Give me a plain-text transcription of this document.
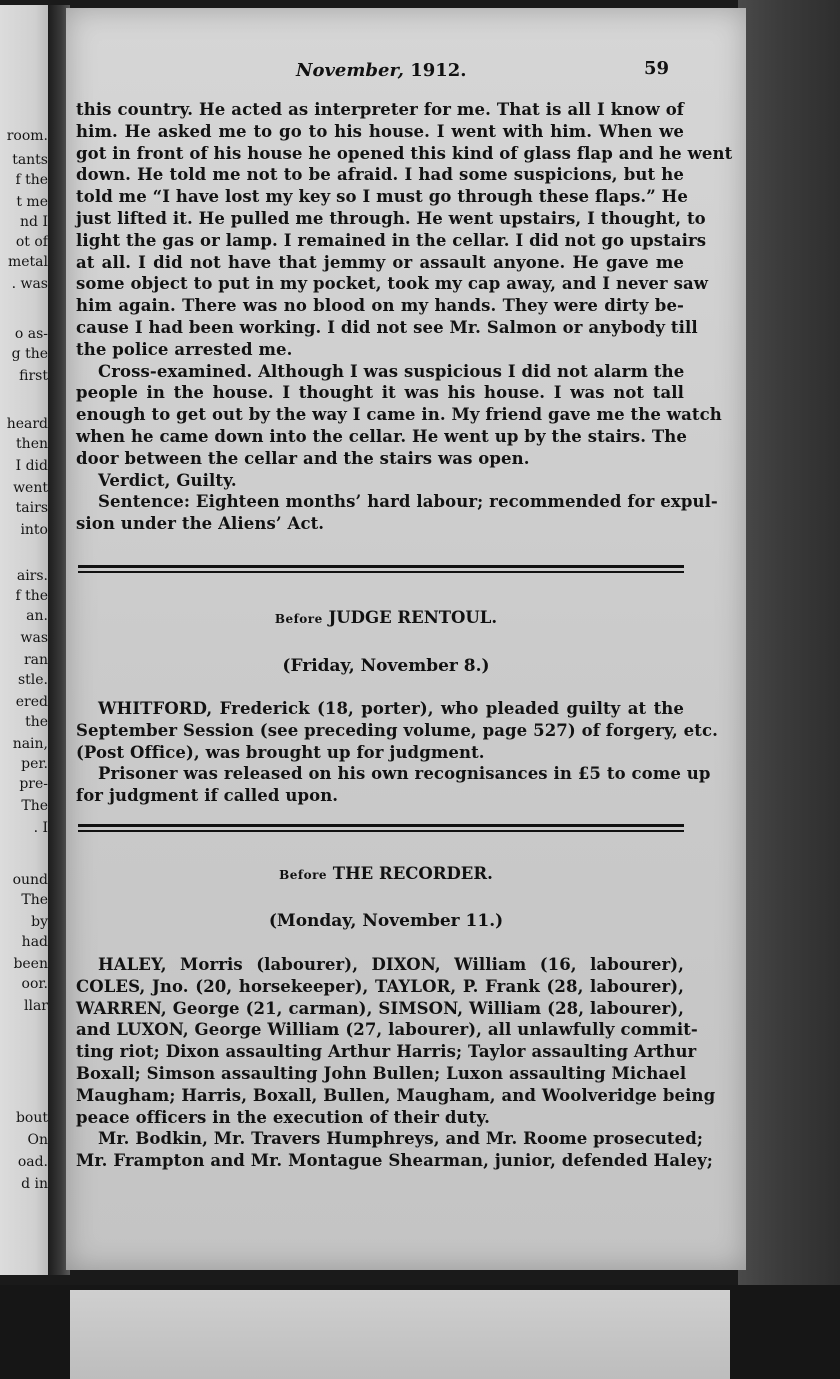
room.
tants
f the
t me
nd I
ot of
metal
. was
o as-
g the
first
heard
then
I did
went
tairs
into
airs.
f the
an.
was
ran
stle.
ered
the
nain,
per.
pre-
The
. I
ound
The
by
had
been
oor.
llar
bout
On
oad.
d in
November, 1912.	59
this country. He acted as interpreter for me. That is all I know of
him. He asked me to go to his house. I went with him. When we
got in front of his house he opened this kind of glass flap and he went
down. He told me not to be afraid. I had some suspicions, but he
told me “I have lost my key so I must go through these flaps.” He
just lifted it. He pulled me through. He went upstairs, I thought, to
light the gas or lamp. I remained in the cellar. I did not go upstairs
at all. I did not have that jemmy or assault anyone. He gave me
some object to put in my pocket, took my cap away, and I never saw
him again. There was no blood on my hands. They were dirty be-
cause I had been working. I did not see Mr. Salmon or anybody till
the police arrested me.
Cross-examined. Although I was suspicious I did not alarm the
people in the house. I thought it was his house. I was not tall
enough to get out by the way I came in. My friend gave me the watch
when he came down into the cellar. He went up by the stairs. The
door between the cellar and the stairs was open.
Verdict, Guilty.
Sentence: Eighteen months’ hard labour; recommended for expul-
sion under the Aliens’ Act.
Before JUDGE RENTOUL.
(Friday, November 8.)
WHITFORD, Frederick (18, porter), who pleaded guilty at the
September Session (see preceding volume, page 527) of forgery, etc.
(Post Office), was brought up for judgment.
Prisoner was released on his own recognisances in £5 to come up
for judgment if called upon.
Before THE RECORDER.
(Monday, November 11.)
HALEY, Morris (labourer), DIXON, William (16, labourer),
COLES, Jno. (20, horsekeeper), TAYLOR, P. Frank (28, labourer),
WARREN, George (21, carman), SIMSON, William (28, labourer),
and LUXON, George William (27, labourer), all unlawfully commit-
ting riot; Dixon assaulting Arthur Harris; Taylor assaulting Arthur
Boxall; Simson assaulting John Bullen; Luxon assaulting Michael
Maugham; Harris, Boxall, Bullen, Maugham, and Woolveridge being
peace officers in the execution of their duty.
Mr. Bodkin, Mr. Travers Humphreys, and Mr. Roome prosecuted;
Mr. Frampton and Mr. Montague Shearman, junior, defended Haley;
